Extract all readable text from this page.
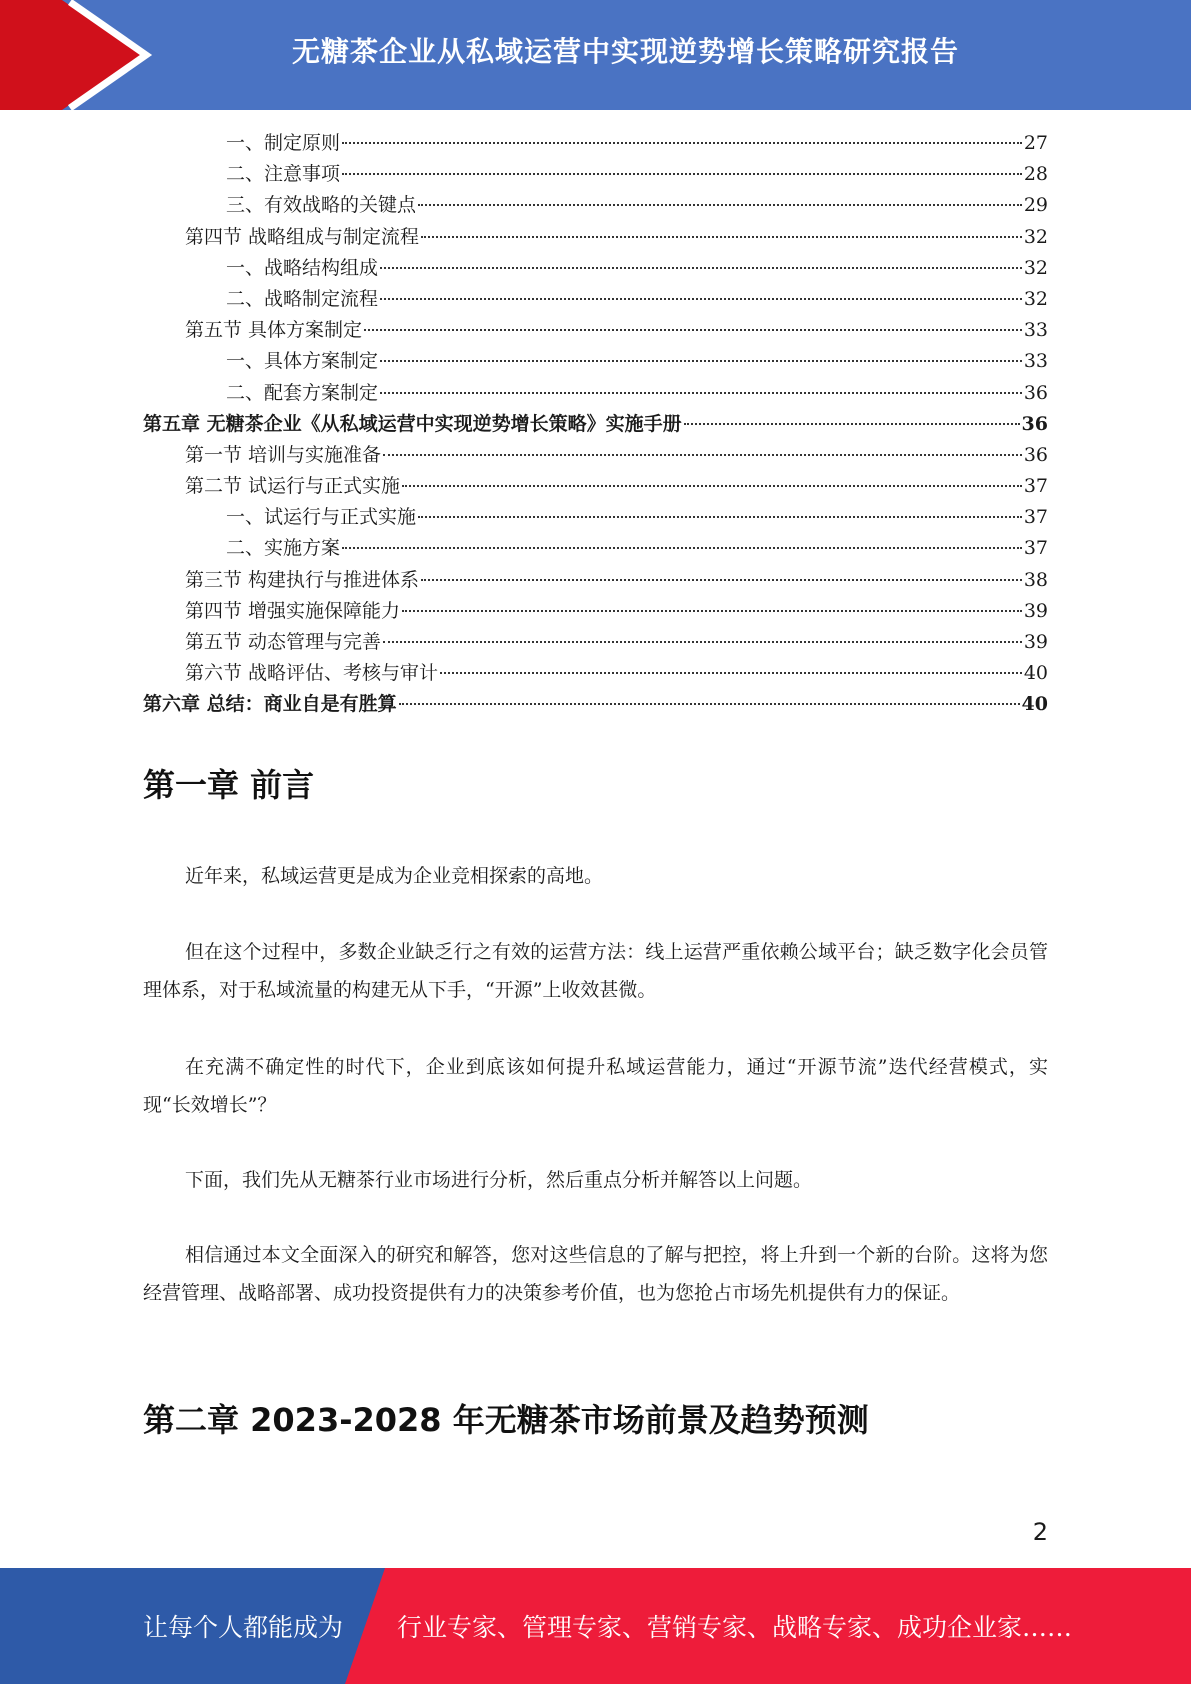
无糖茶企业从私域运营中实现逆势增长策略研究报告
一、制定原则	27
二、注意事项	28
三、有效战略的关键点	29
第四节 战略组成与制定流程	32
一、战略结构组成	32
二、战略制定流程	32
第五节 具体方案制定	33
一、具体方案制定	33
二、配套方案制定	36
第五章 无糖茶企业《从私域运营中实现逆势增长策略》实施手册	36
第一节 培训与实施准备	36
第二节 试运行与正式实施	37
一、试运行与正式实施	37
二、实施方案	37
第三节 构建执行与推进体系	38
第四节 增强实施保障能力	39
第五节 动态管理与完善	39
第六节 战略评估、考核与审计	40
第六章 总结：商业自是有胜算	40
第一章 前言

近年来，私域运营更是成为企业竞相探索的高地。

但在这个过程中，多数企业缺乏行之有效的运营方法：线上运营严重依赖公域平台；缺乏数字化会员管理体系，对于私域流量的构建无从下手，“开源”上收效甚微。

在充满不确定性的时代下，企业到底该如何提升私域运营能力，通过“开源节流”迭代经营模式，实现“长效增长”？

下面，我们先从无糖茶行业市场进行分析，然后重点分析并解答以上问题。

相信通过本文全面深入的研究和解答，您对这些信息的了解与把控，将上升到一个新的台阶。这将为您经营管理、战略部署、成功投资提供有力的决策参考价值，也为您抢占市场先机提供有力的保证。

第二章 2023-2028 年无糖茶市场前景及趋势预测
2
让每个人都能成为 行业专家、管理专家、营销专家、战略专家、成功企业家……
